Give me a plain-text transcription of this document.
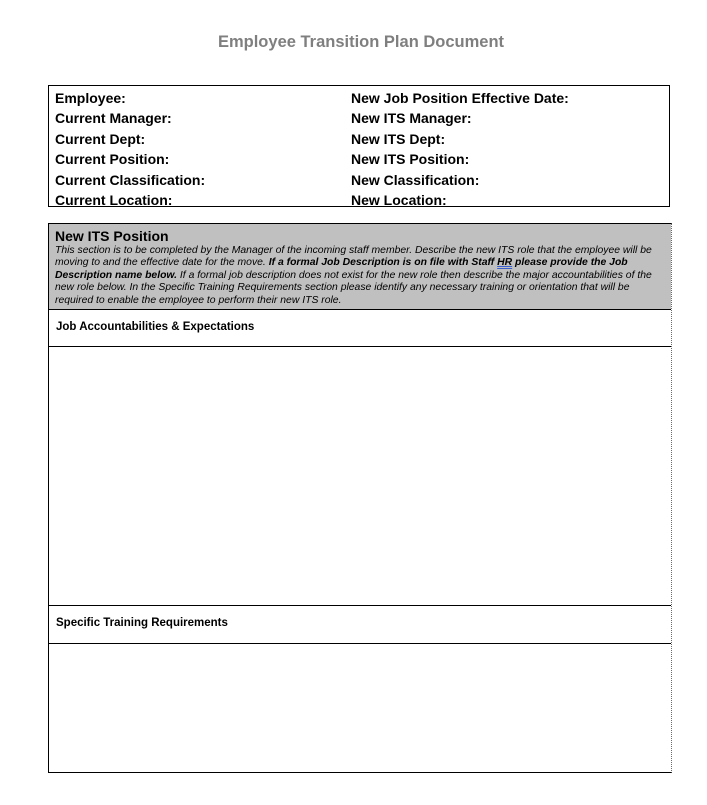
Employee Transition Plan Document
Employee:
Current Manager:
Current Dept:
Current Position:
Current Classification:
Current Location:
New Job Position Effective Date:
New ITS Manager:
New ITS Dept:
New ITS Position:
New Classification:
New Location:
New ITS Position
This section is to be completed by the Manager of the incoming staff member. Describe the new ITS role that the employee will be moving to and the effective date for the move. If a formal Job Description is on file with Staff HR please provide the Job Description name below. If a formal job description does not exist for the new role then describe the major accountabilities of the new role below. In the Specific Training Requirements section please identify any necessary training or orientation that will be required to enable the employee to perform their new ITS role.
Job Accountabilities & Expectations
Specific Training Requirements
